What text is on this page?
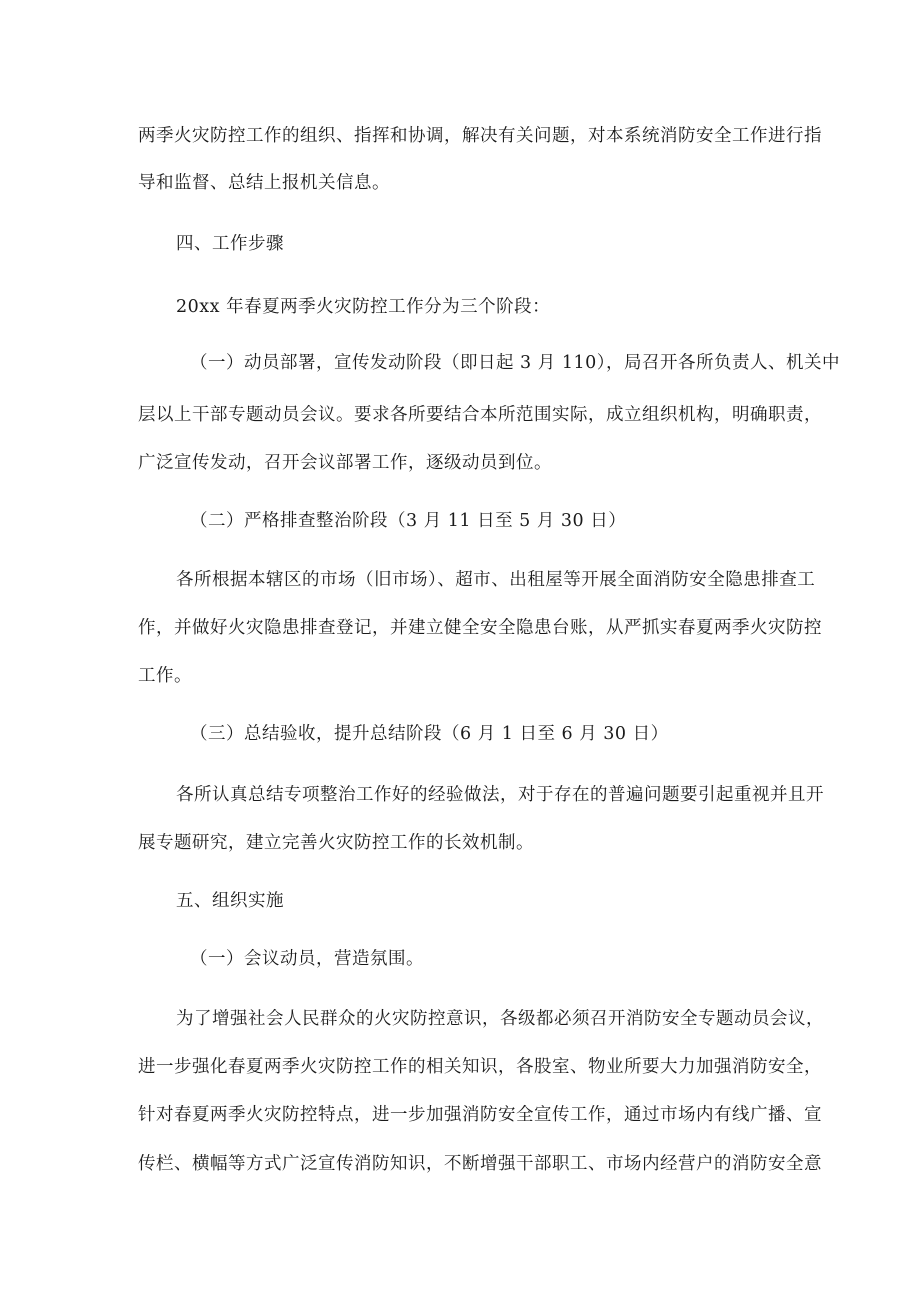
两季火灾防控工作的组织、指挥和协调，解决有关问题，对本系统消防安全工作进行指
导和监督、总结上报机关信息。
四、工作步骤
20xx 年春夏两季火灾防控工作分为三个阶段：
（一）动员部署，宣传发动阶段（即日起 3 月 110），局召开各所负责人、机关中
层以上干部专题动员会议。要求各所要结合本所范围实际，成立组织机构，明确职责，
广泛宣传发动，召开会议部署工作，逐级动员到位。
（二）严格排查整治阶段（3 月 11 日至 5 月 30 日）
各所根据本辖区的市场（旧市场）、超市、出租屋等开展全面消防安全隐患排查工
作，并做好火灾隐患排查登记，并建立健全安全隐患台账，从严抓实春夏两季火灾防控
工作。
（三）总结验收，提升总结阶段（6 月 1 日至 6 月 30 日）
各所认真总结专项整治工作好的经验做法，对于存在的普遍问题要引起重视并且开
展专题研究，建立完善火灾防控工作的长效机制。
五、组织实施
（一）会议动员，营造氛围。
为了增强社会人民群众的火灾防控意识，各级都必须召开消防安全专题动员会议，
进一步强化春夏两季火灾防控工作的相关知识，各股室、物业所要大力加强消防安全，
针对春夏两季火灾防控特点，进一步加强消防安全宣传工作，通过市场内有线广播、宣
传栏、横幅等方式广泛宣传消防知识，不断增强干部职工、市场内经营户的消防安全意
